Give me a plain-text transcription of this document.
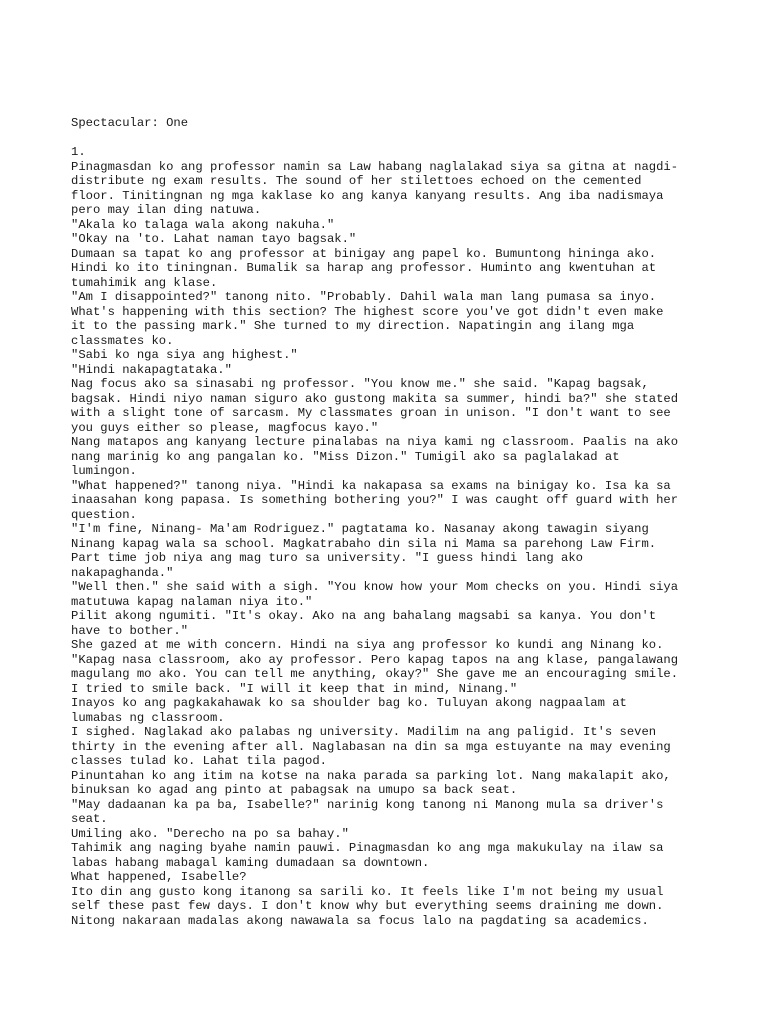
Spectacular: One
1.
Pinagmasdan ko ang professor namin sa Law habang naglalakad siya sa gitna at nagdi-
distribute ng exam results. The sound of her stilettoes echoed on the cemented
floor. Tinitingnan ng mga kaklase ko ang kanya kanyang results. Ang iba nadismaya
pero may ilan ding natuwa.
"Akala ko talaga wala akong nakuha."
"Okay na 'to. Lahat naman tayo bagsak."
Dumaan sa tapat ko ang professor at binigay ang papel ko. Bumuntong hininga ako.
Hindi ko ito tiningnan. Bumalik sa harap ang professor. Huminto ang kwentuhan at
tumahimik ang klase.
"Am I disappointed?" tanong nito. "Probably. Dahil wala man lang pumasa sa inyo.
What's happening with this section? The highest score you've got didn't even make
it to the passing mark." She turned to my direction. Napatingin ang ilang mga
classmates ko.
"Sabi ko nga siya ang highest."
"Hindi nakapagtataka."
Nag focus ako sa sinasabi ng professor. "You know me." she said. "Kapag bagsak,
bagsak. Hindi niyo naman siguro ako gustong makita sa summer, hindi ba?" she stated
with a slight tone of sarcasm. My classmates groan in unison. "I don't want to see
you guys either so please, magfocus kayo."
Nang matapos ang kanyang lecture pinalabas na niya kami ng classroom. Paalis na ako
nang marinig ko ang pangalan ko. "Miss Dizon." Tumigil ako sa paglalakad at
lumingon.
"What happened?" tanong niya. "Hindi ka nakapasa sa exams na binigay ko. Isa ka sa
inaasahan kong papasa. Is something bothering you?" I was caught off guard with her
question.
"I'm fine, Ninang- Ma'am Rodriguez." pagtatama ko. Nasanay akong tawagin siyang
Ninang kapag wala sa school. Magkatrabaho din sila ni Mama sa parehong Law Firm.
Part time job niya ang mag turo sa university. "I guess hindi lang ako
nakapaghanda."
"Well then." she said with a sigh. "You know how your Mom checks on you. Hindi siya
matutuwa kapag nalaman niya ito."
Pilit akong ngumiti. "It's okay. Ako na ang bahalang magsabi sa kanya. You don't
have to bother."
She gazed at me with concern. Hindi na siya ang professor ko kundi ang Ninang ko.
"Kapag nasa classroom, ako ay professor. Pero kapag tapos na ang klase, pangalawang
magulang mo ako. You can tell me anything, okay?" She gave me an encouraging smile.
I tried to smile back. "I will it keep that in mind, Ninang."
Inayos ko ang pagkakahawak ko sa shoulder bag ko. Tuluyan akong nagpaalam at
lumabas ng classroom.
I sighed. Naglakad ako palabas ng university. Madilim na ang paligid. It's seven
thirty in the evening after all. Naglabasan na din sa mga estuyante na may evening
classes tulad ko. Lahat tila pagod.
Pinuntahan ko ang itim na kotse na naka parada sa parking lot. Nang makalapit ako,
binuksan ko agad ang pinto at pabagsak na umupo sa back seat.
"May dadaanan ka pa ba, Isabelle?" narinig kong tanong ni Manong mula sa driver's
seat.
Umiling ako. "Derecho na po sa bahay."
Tahimik ang naging byahe namin pauwi. Pinagmasdan ko ang mga makukulay na ilaw sa
labas habang mabagal kaming dumadaan sa downtown.
What happened, Isabelle?
Ito din ang gusto kong itanong sa sarili ko. It feels like I'm not being my usual
self these past few days. I don't know why but everything seems draining me down.
Nitong nakaraan madalas akong nawawala sa focus lalo na pagdating sa academics.
